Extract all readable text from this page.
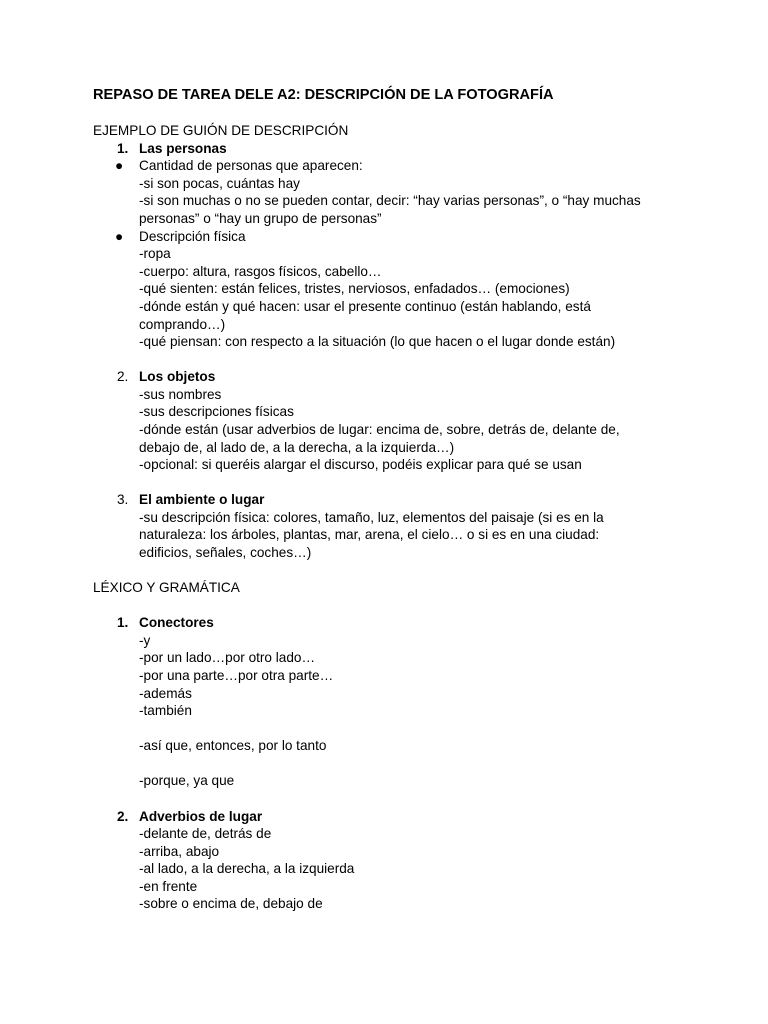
REPASO DE TAREA DELE A2: DESCRIPCIÓN DE LA FOTOGRAFÍA
EJEMPLO DE GUIÓN DE DESCRIPCIÓN
1. Las personas
● Cantidad de personas que aparecen:
-si son pocas, cuántas hay
-si son muchas o no se pueden contar, decir: “hay varias personas”, o “hay muchas
personas” o “hay un grupo de personas”
● Descripción física
-ropa
-cuerpo: altura, rasgos físicos, cabello…
-qué sienten: están felices, tristes, nerviosos, enfadados… (emociones)
-dónde están y qué hacen: usar el presente continuo (están hablando, está
comprando…)
-qué piensan: con respecto a la situación (lo que hacen o el lugar donde están)
2. Los objetos
-sus nombres
-sus descripciones físicas
-dónde están (usar adverbios de lugar: encima de, sobre, detrás de, delante de,
debajo de, al lado de, a la derecha, a la izquierda…)
-opcional: si queréis alargar el discurso, podéis explicar para qué se usan
3. El ambiente o lugar
-su descripción física: colores, tamaño, luz, elementos del paisaje (si es en la
naturaleza: los árboles, plantas, mar, arena, el cielo… o si es en una ciudad:
edificios, señales, coches…)
LÉXICO Y GRAMÁTICA
1. Conectores
-y
-por un lado…por otro lado…
-por una parte…por otra parte…
-además
-también
-así que, entonces, por lo tanto
-porque, ya que
2. Adverbios de lugar
-delante de, detrás de
-arriba, abajo
-al lado, a la derecha, a la izquierda
-en frente
-sobre o encima de, debajo de
